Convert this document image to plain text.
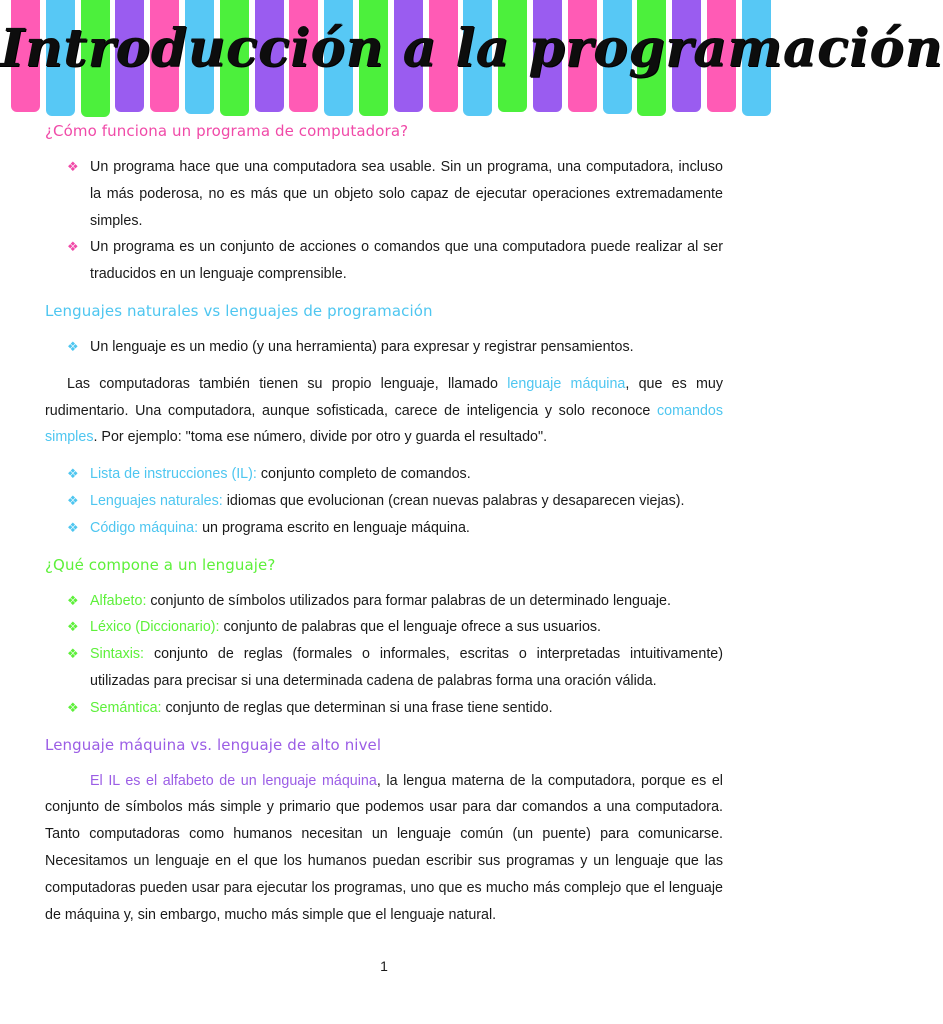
Introducción a la programación
¿Cómo funciona un programa de computadora?
❖ Un programa hace que una computadora sea usable. Sin un programa, una computadora, incluso la más poderosa, no es más que un objeto solo capaz de ejecutar operaciones extremadamente simples.
❖ Un programa es un conjunto de acciones o comandos que una computadora puede realizar al ser traducidos en un lenguaje comprensible.
Lenguajes naturales vs lenguajes de programación
❖ Un lenguaje es un medio (y una herramienta) para expresar y registrar pensamientos.

Las computadoras también tienen su propio lenguaje, llamado lenguaje máquina, que es muy rudimentario. Una computadora, aunque sofisticada, carece de inteligencia y solo reconoce comandos simples. Por ejemplo: "toma ese número, divide por otro y guarda el resultado".

❖ Lista de instrucciones (IL): conjunto completo de comandos.
❖ Lenguajes naturales: idiomas que evolucionan (crean nuevas palabras y desaparecen viejas).
❖ Código máquina: un programa escrito en lenguaje máquina.
¿Qué compone a un lenguaje?
❖ Alfabeto: conjunto de símbolos utilizados para formar palabras de un determinado lenguaje.
❖ Léxico (Diccionario): conjunto de palabras que el lenguaje ofrece a sus usuarios.
❖ Sintaxis: conjunto de reglas (formales o informales, escritas o interpretadas intuitivamente) utilizadas para precisar si una determinada cadena de palabras forma una oración válida.
❖ Semántica: conjunto de reglas que determinan si una frase tiene sentido.
Lenguaje máquina vs. lenguaje de alto nivel

El IL es el alfabeto de un lenguaje máquina, la lengua materna de la computadora, porque es el conjunto de símbolos más simple y primario que podemos usar para dar comandos a una computadora. Tanto computadoras como humanos necesitan un lenguaje común (un puente) para comunicarse. Necesitamos un lenguaje en el que los humanos puedan escribir sus programas y un lenguaje que las computadoras pueden usar para ejecutar los programas, uno que es mucho más complejo que el lenguaje de máquina y, sin embargo, mucho más simple que el lenguaje natural.

1
